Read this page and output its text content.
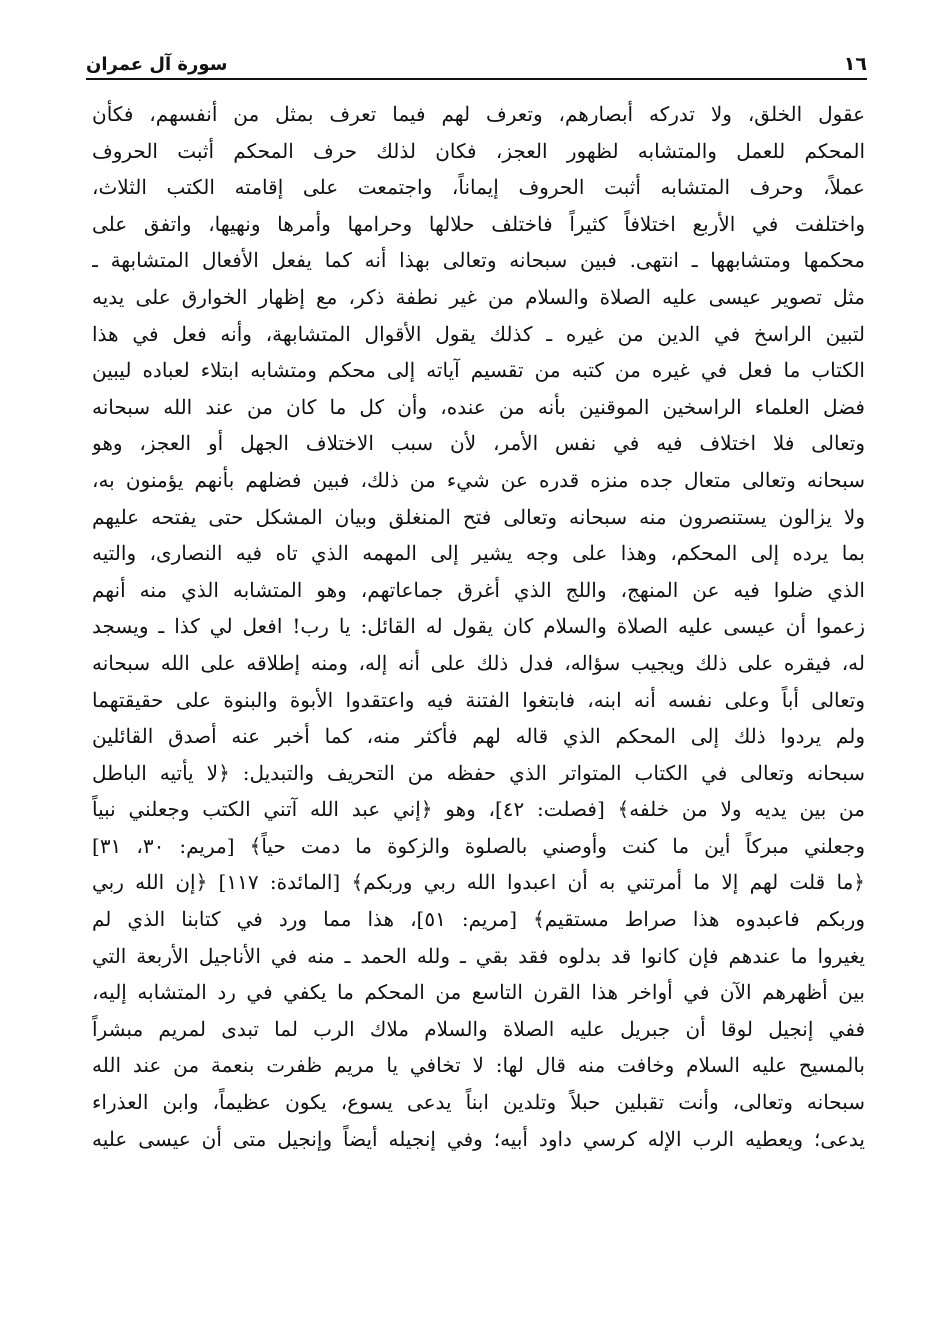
١٦
سورة آل عمران
عقول الخلق، ولا تدركه أبصارهم، وتعرف لهم فيما تعرف بمثل من أنفسهم، فكأن
المحكم للعمل والمتشابه لظهور العجز، فكان لذلك حرف المحكم أثبت الحروف
عملاً، وحرف المتشابه أثبت الحروف إيماناً، واجتمعت على إقامته الكتب الثلاث،
واختلفت في الأربع اختلافاً كثيراً فاختلف حلالها وحرامها وأمرها ونهيها، واتفق على
محكمها ومتشابهها ـ انتهى. فبين سبحانه وتعالى بهذا أنه كما يفعل الأفعال المتشابهة ـ
مثل تصوير عيسى عليه الصلاة والسلام من غير نطفة ذكر، مع إظهار الخوارق على يديه
لتبين الراسخ في الدين من غيره ـ كذلك يقول الأقوال المتشابهة، وأنه فعل في هذا
الكتاب ما فعل في غيره من كتبه من تقسيم آياته إلى محكم ومتشابه ابتلاء لعباده ليبين
فضل العلماء الراسخين الموقنين بأنه من عنده، وأن كل ما كان من عند الله سبحانه
وتعالى فلا اختلاف فيه في نفس الأمر، لأن سبب الاختلاف الجهل أو العجز، وهو
سبحانه وتعالى متعال جده منزه قدره عن شيء من ذلك، فبين فضلهم بأنهم يؤمنون به،
ولا يزالون يستنصرون منه سبحانه وتعالى فتح المنغلق وبيان المشكل حتى يفتحه عليهم
بما يرده إلى المحكم، وهذا على وجه يشير إلى المهمه الذي تاه فيه النصارى، والتيه
الذي ضلوا فيه عن المنهج، واللج الذي أغرق جماعاتهم، وهو المتشابه الذي منه أنهم
زعموا أن عيسى عليه الصلاة والسلام كان يقول له القائل: يا رب! افعل لي كذا ـ ويسجد
له، فيقره على ذلك ويجيب سؤاله، فدل ذلك على أنه إله، ومنه إطلاقه على الله سبحانه
وتعالى أباً وعلى نفسه أنه ابنه، فابتغوا الفتنة فيه واعتقدوا الأبوة والبنوة على حقيقتهما
ولم يردوا ذلك إلى المحكم الذي قاله لهم فأكثر منه، كما أخبر عنه أصدق القائلين
سبحانه وتعالى في الكتاب المتواتر الذي حفظه من التحريف والتبديل: ﴿لا يأتيه الباطل
من بين يديه ولا من خلفه﴾ [فصلت: ٤٢]، وهو ﴿إني عبد الله آتني الكتب وجعلني نبياً
وجعلني مبركاً أين ما كنت وأوصني بالصلوة والزكوة ما دمت حياً﴾ [مريم: ٣٠، ٣١]
﴿ما قلت لهم إلا ما أمرتني به أن اعبدوا الله ربي وربكم﴾ [المائدة: ١١٧] ﴿إن الله ربي
وربكم فاعبدوه هذا صراط مستقيم﴾ [مريم: ٥١]، هذا مما ورد في كتابنا الذي لم
يغيروا ما عندهم فإن كانوا قد بدلوه فقد بقي ـ ولله الحمد ـ منه في الأناجيل الأربعة التي
بين أظهرهم الآن في أواخر هذا القرن التاسع من المحكم ما يكفي في رد المتشابه إليه،
ففي إنجيل لوقا أن جبريل عليه الصلاة والسلام ملاك الرب لما تبدى لمريم مبشراً
بالمسيح عليه السلام وخافت منه قال لها: لا تخافي يا مريم ظفرت بنعمة من عند الله
سبحانه وتعالى، وأنت تقبلين حبلاً وتلدين ابناً يدعى يسوع، يكون عظيماً، وابن العذراء
يدعى؛ ويعطيه الرب الإله كرسي داود أبيه؛ وفي إنجيله أيضاً وإنجيل متى أن عيسى عليه
